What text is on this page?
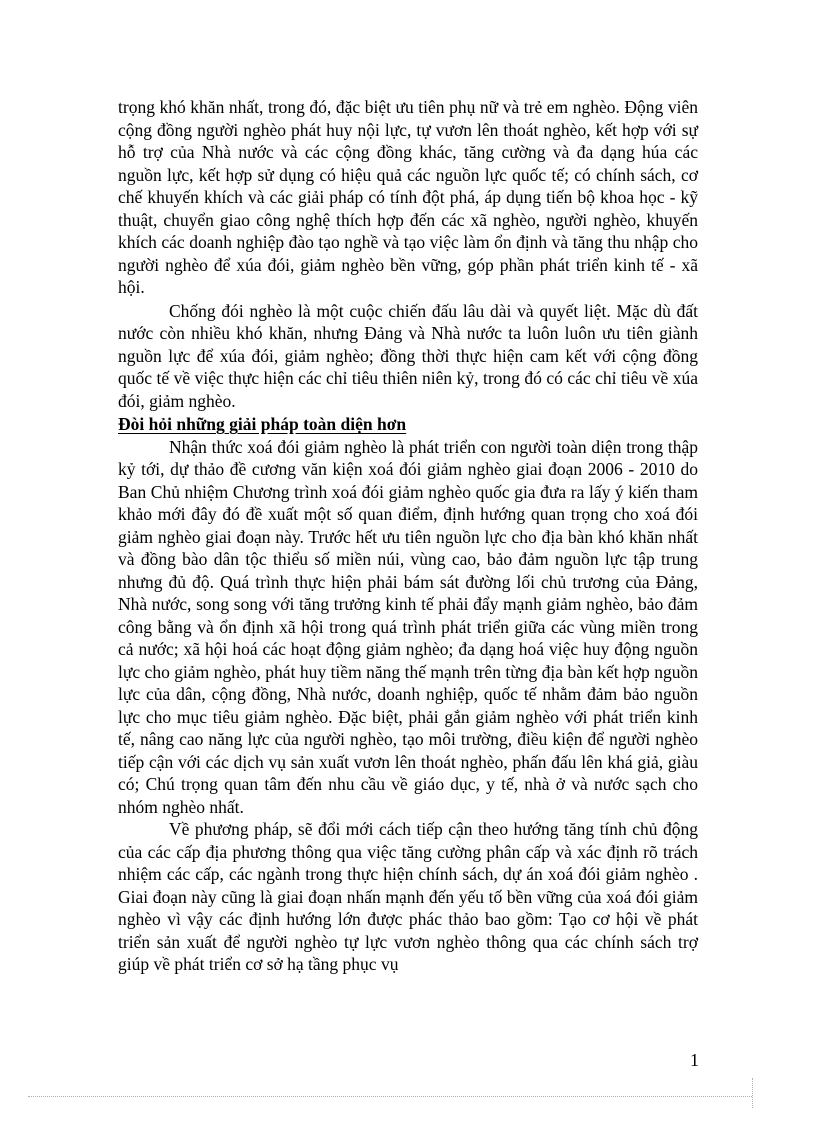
trọng khó khăn nhất, trong đó, đặc biệt ưu tiên phụ nữ và trẻ em nghèo. Động viên cộng đồng người nghèo phát huy nội lực, tự vươn lên thoát nghèo, kết hợp với sự hỗ trợ của Nhà nước và các cộng đồng khác, tăng cường và đa dạng húa các nguồn lực, kết hợp sử dụng có hiệu quả các nguồn lực quốc tế; có chính sách, cơ chế khuyến khích và các giải pháp có tính đột phá, áp dụng tiến bộ khoa học - kỹ thuật, chuyển giao công nghệ thích hợp đến các xã nghèo, người nghèo, khuyến khích các doanh nghiệp đào tạo nghề và tạo việc làm ổn định và tăng thu nhập cho người nghèo để xúa đói, giảm nghèo bền vững, góp phần phát triển kinh tế - xã hội.

Chống đói nghèo là một cuộc chiến đấu lâu dài và quyết liệt. Mặc dù đất nước còn nhiều khó khăn, nhưng Đảng và Nhà nước ta luôn luôn ưu tiên giành nguồn lực để xúa đói, giảm nghèo; đồng thời thực hiện cam kết với cộng đồng quốc tế về việc thực hiện các chỉ tiêu thiên niên kỷ, trong đó có các chỉ tiêu về xúa đói, giảm nghèo.

Đòi hỏi những giải pháp toàn diện hơn

Nhận thức xoá đói giảm nghèo là phát triển con người toàn diện trong thập kỷ tới, dự thảo đề cương văn kiện xoá đói giảm nghèo giai đoạn 2006 - 2010 do Ban Chủ nhiệm Chương trình xoá đói giảm nghèo quốc gia đưa ra lấy ý kiến tham khảo mới đây đó đề xuất một số quan điểm, định hướng quan trọng cho xoá đói giảm nghèo giai đoạn này. Trước hết ưu tiên nguồn lực cho địa bàn khó khăn nhất và đồng bào dân tộc thiểu số miền núi, vùng cao, bảo đảm nguồn lực tập trung nhưng đủ độ. Quá trình thực hiện phải bám sát đường lối chủ trương của Đảng, Nhà nước, song song với tăng trưởng kinh tế phải đẩy mạnh giảm nghèo, bảo đảm công bằng và ổn định xã hội trong quá trình phát triển giữa các vùng miền trong cả nước; xã hội hoá các hoạt động giảm nghèo; đa dạng hoá việc huy động nguồn lực cho giảm nghèo, phát huy tiềm năng thế mạnh trên từng địa bàn kết hợp nguồn lực của dân, cộng đồng, Nhà nước, doanh nghiệp, quốc tế nhằm đảm bảo nguồn lực cho mục tiêu giảm nghèo. Đặc biệt, phải gắn giảm nghèo với phát triển kinh tế, nâng cao năng lực của người nghèo, tạo môi trường, điều kiện để người nghèo tiếp cận với các dịch vụ sản xuất vươn lên thoát nghèo, phấn đấu lên khá giả, giàu có; Chú trọng quan tâm đến nhu cầu về giáo dục, y tế, nhà ở và nước sạch cho nhóm nghèo nhất.

Về phương pháp, sẽ đổi mới cách tiếp cận theo hướng tăng tính chủ động của các cấp địa phương thông qua việc tăng cường phân cấp và xác định rõ trách nhiệm các cấp, các ngành trong thực hiện chính sách, dự án xoá đói giảm nghèo . Giai đoạn này cũng là giai đoạn nhấn mạnh đến yếu tố bền vững của xoá đói giảm nghèo vì vậy các định hướng lớn được phác thảo bao gồm: Tạo cơ hội về phát triển sản xuất để người nghèo tự lực vươn nghèo thông qua các chính sách trợ giúp về phát triển cơ sở hạ tầng phục vụ

1
